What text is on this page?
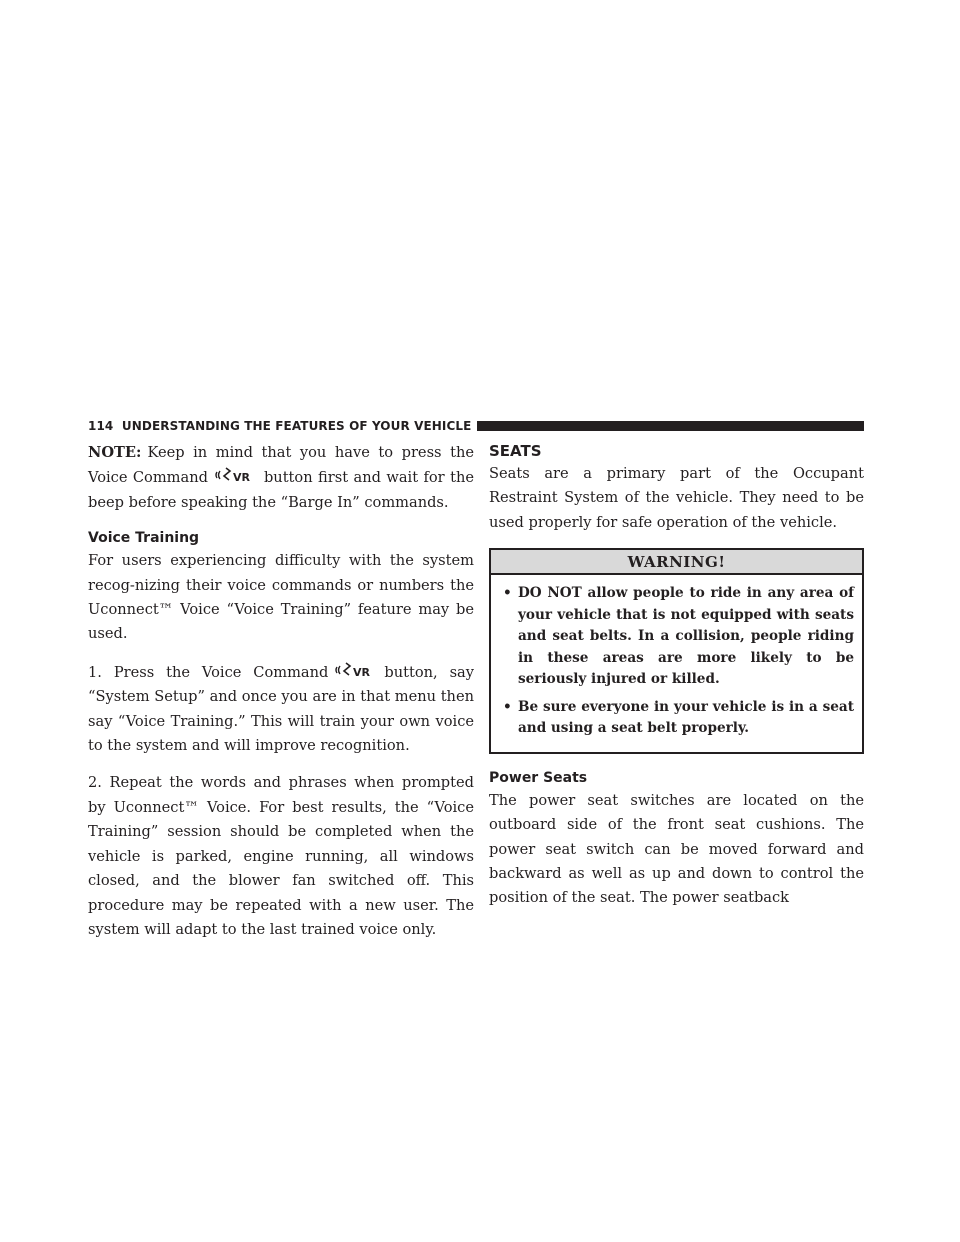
114 UNDERSTANDING THE FEATURES OF YOUR VEHICLE

NOTE: Keep in mind that you have to press the Voice Command VR button first and wait for the beep before speaking the “Barge In” commands.

Voice Training

For users experiencing difficulty with the system recog-nizing their voice commands or numbers the Uconnect™ Voice “Voice Training” feature may be used.

1. Press the Voice Command VR button, say “System Setup” and once you are in that menu then say “Voice Training.” This will train your own voice to the system and will improve recognition.

2. Repeat the words and phrases when prompted by Uconnect™ Voice. For best results, the “Voice Training” session should be completed when the vehicle is parked, engine running, all windows closed, and the blower fan switched off. This procedure may be repeated with a new user. The system will adapt to the last trained voice only.

SEATS

Seats are a primary part of the Occupant Restraint System of the vehicle. They need to be used properly for safe operation of the vehicle.

WARNING!
• DO NOT allow people to ride in any area of your vehicle that is not equipped with seats and seat belts. In a collision, people riding in these areas are more likely to be seriously injured or killed.
• Be sure everyone in your vehicle is in a seat and using a seat belt properly.
Power Seats

The power seat switches are located on the outboard side of the front seat cushions. The power seat switch can be moved forward and backward as well as up and down to control the position of the seat. The power seatback
